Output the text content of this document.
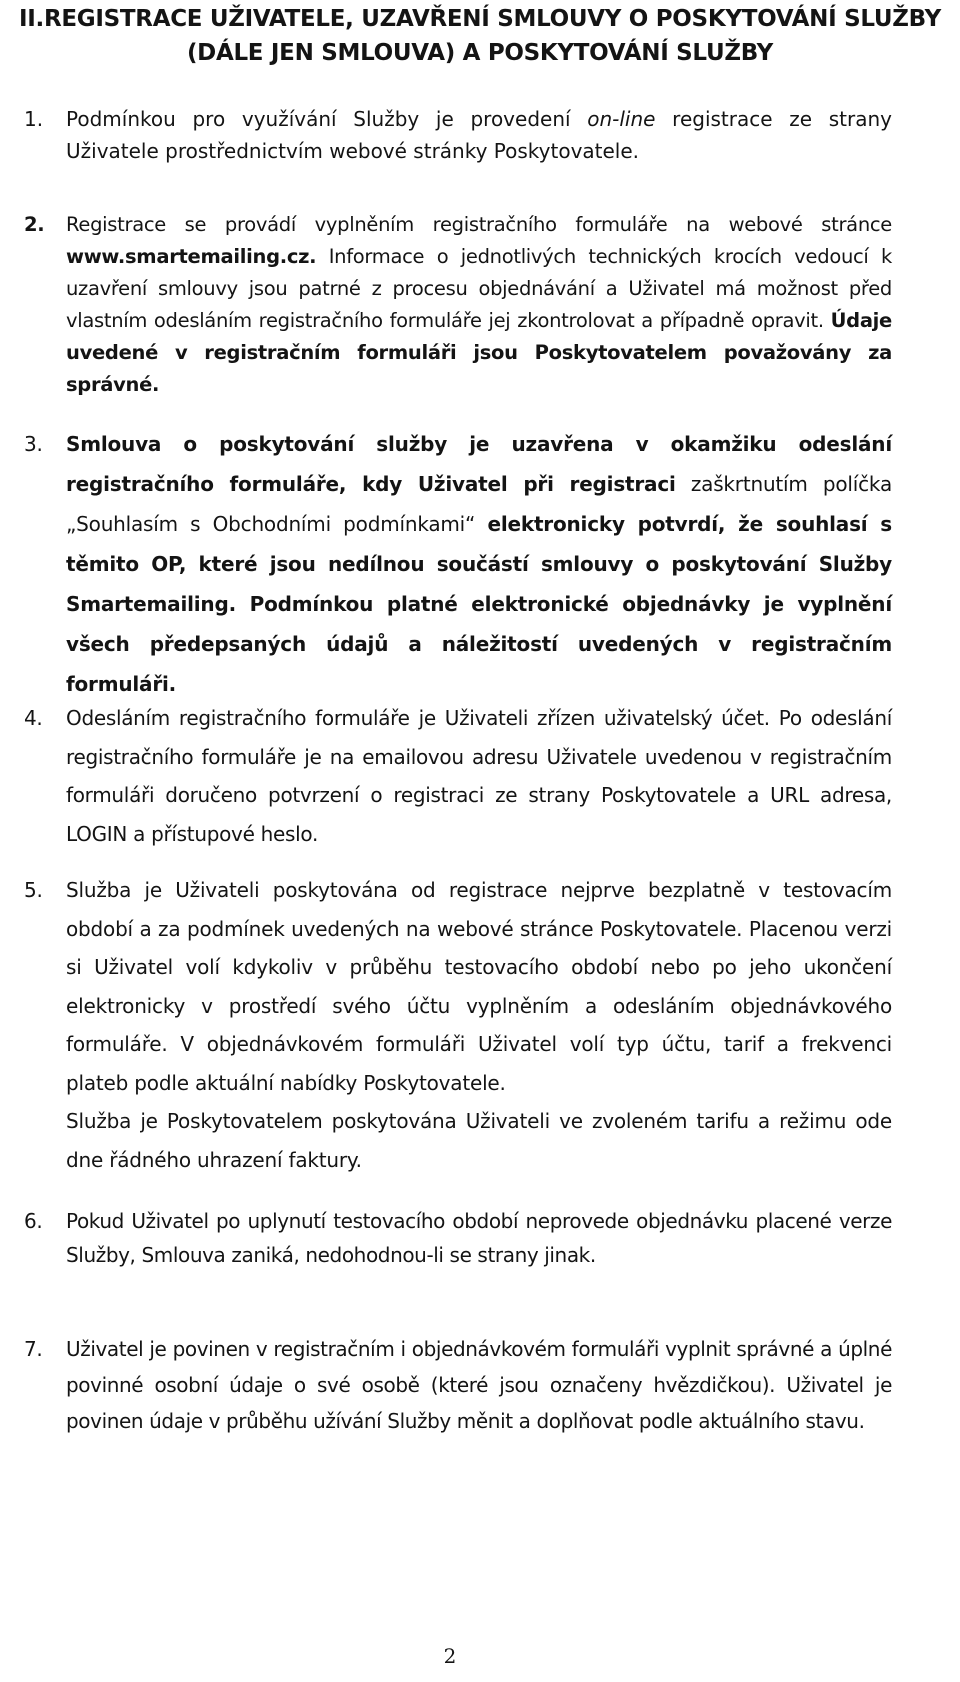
II.REGISTRACE UŽIVATELE, UZAVŘENÍ SMLOUVY O POSKYTOVÁNÍ SLUŽBY
(DÁLE JEN SMLOUVA) A POSKYTOVÁNÍ SLUŽBY
1. Podmínkou pro využívání Služby je provedení on-line registrace ze strany Uživatele prostřednictvím webové stránky Poskytovatele.

2. Registrace se provádí vyplněním registračního formuláře na webové stránce www.smartemailing.cz. Informace o jednotlivých technických krocích vedoucí k uzavření smlouvy jsou patrné z procesu objednávání a Uživatel má možnost před vlastním odesláním registračního formuláře jej zkontrolovat a případně opravit. Údaje uvedené v registračním formuláři jsou Poskytovatelem považovány za správné.

3. Smlouva o poskytování služby je uzavřena v okamžiku odeslání registračního formuláře, kdy Uživatel při registraci zaškrtnutím políčka „Souhlasím s Obchodními podmínkami“ elektronicky potvrdí, že souhlasí s těmito OP, které jsou nedílnou součástí smlouvy o poskytování Služby Smartemailing. Podmínkou platné elektronické objednávky je vyplnění všech předepsaných údajů a náležitostí uvedených v registračním formuláři.

4. Odesláním registračního formuláře je Uživateli zřízen uživatelský účet. Po odeslání registračního formuláře je na emailovou adresu Uživatele uvedenou v registračním formuláři doručeno potvrzení o registraci ze strany Poskytovatele a URL adresa, LOGIN a přístupové heslo.

5. Služba je Uživateli poskytována od registrace nejprve bezplatně v testovacím období a za podmínek uvedených na webové stránce Poskytovatele. Placenou verzi si Uživatel volí kdykoliv v průběhu testovacího období nebo po jeho ukončení elektronicky v prostředí svého účtu vyplněním a odesláním objednávkového formuláře. V objednávkovém formuláři Uživatel volí typ účtu, tarif a frekvenci plateb podle aktuální nabídky Poskytovatele.

Služba je Poskytovatelem poskytována Uživateli ve zvoleném tarifu a režimu ode dne řádného uhrazení faktury.

6. Pokud Uživatel po uplynutí testovacího období neprovede objednávku placené verze Služby, Smlouva zaniká, nedohodnou-li se strany jinak.

7. Uživatel je povinen v registračním i objednávkovém formuláři vyplnit správné a úplné povinné osobní údaje o své osobě (které jsou označeny hvězdičkou). Uživatel je povinen údaje v průběhu užívání Služby měnit a doplňovat podle aktuálního stavu.

2
